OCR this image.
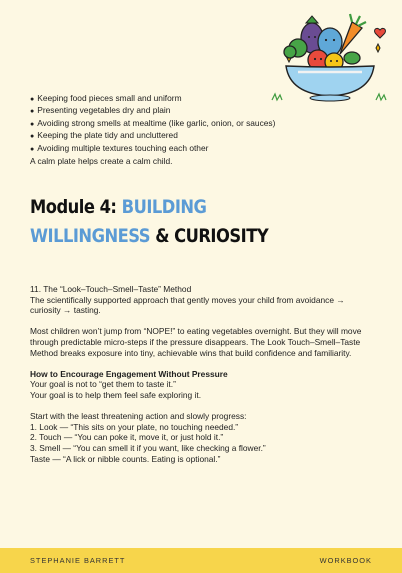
● Keeping food pieces small and uniform
● Presenting vegetables dry and plain
● Avoiding strong smells at mealtime (like garlic, onion, or sauces)
● Keeping the plate tidy and uncluttered
● Avoiding multiple textures touching each other

A calm plate helps create a calm child.

Module 4: BUILDING WILLINGNESS & CURIOSITY

11. The “Look–Touch–Smell–Taste” Method
The scientifically supported approach that gently moves your child from avoidance → curiosity → tasting.

Most children won’t jump from “NOPE!” to eating vegetables overnight. But they will move through predictable micro-steps if the pressure disappears. The Look Touch–Smell–Taste Method breaks exposure into tiny, achievable wins that build confidence and familiarity.

How to Encourage Engagement Without Pressure
Your goal is not to “get them to taste it.”
Your goal is to help them feel safe exploring it.

Start with the least threatening action and slowly progress:
1. Look — “This sits on your plate, no touching needed.”
2. Touch — “You can poke it, move it, or just hold it.”
3. Smell — “You can smell it if you want, like checking a flower.”
Taste — “A lick or nibble counts. Eating is optional.”

STEPHANIE BARRETT	WORKBOOK
